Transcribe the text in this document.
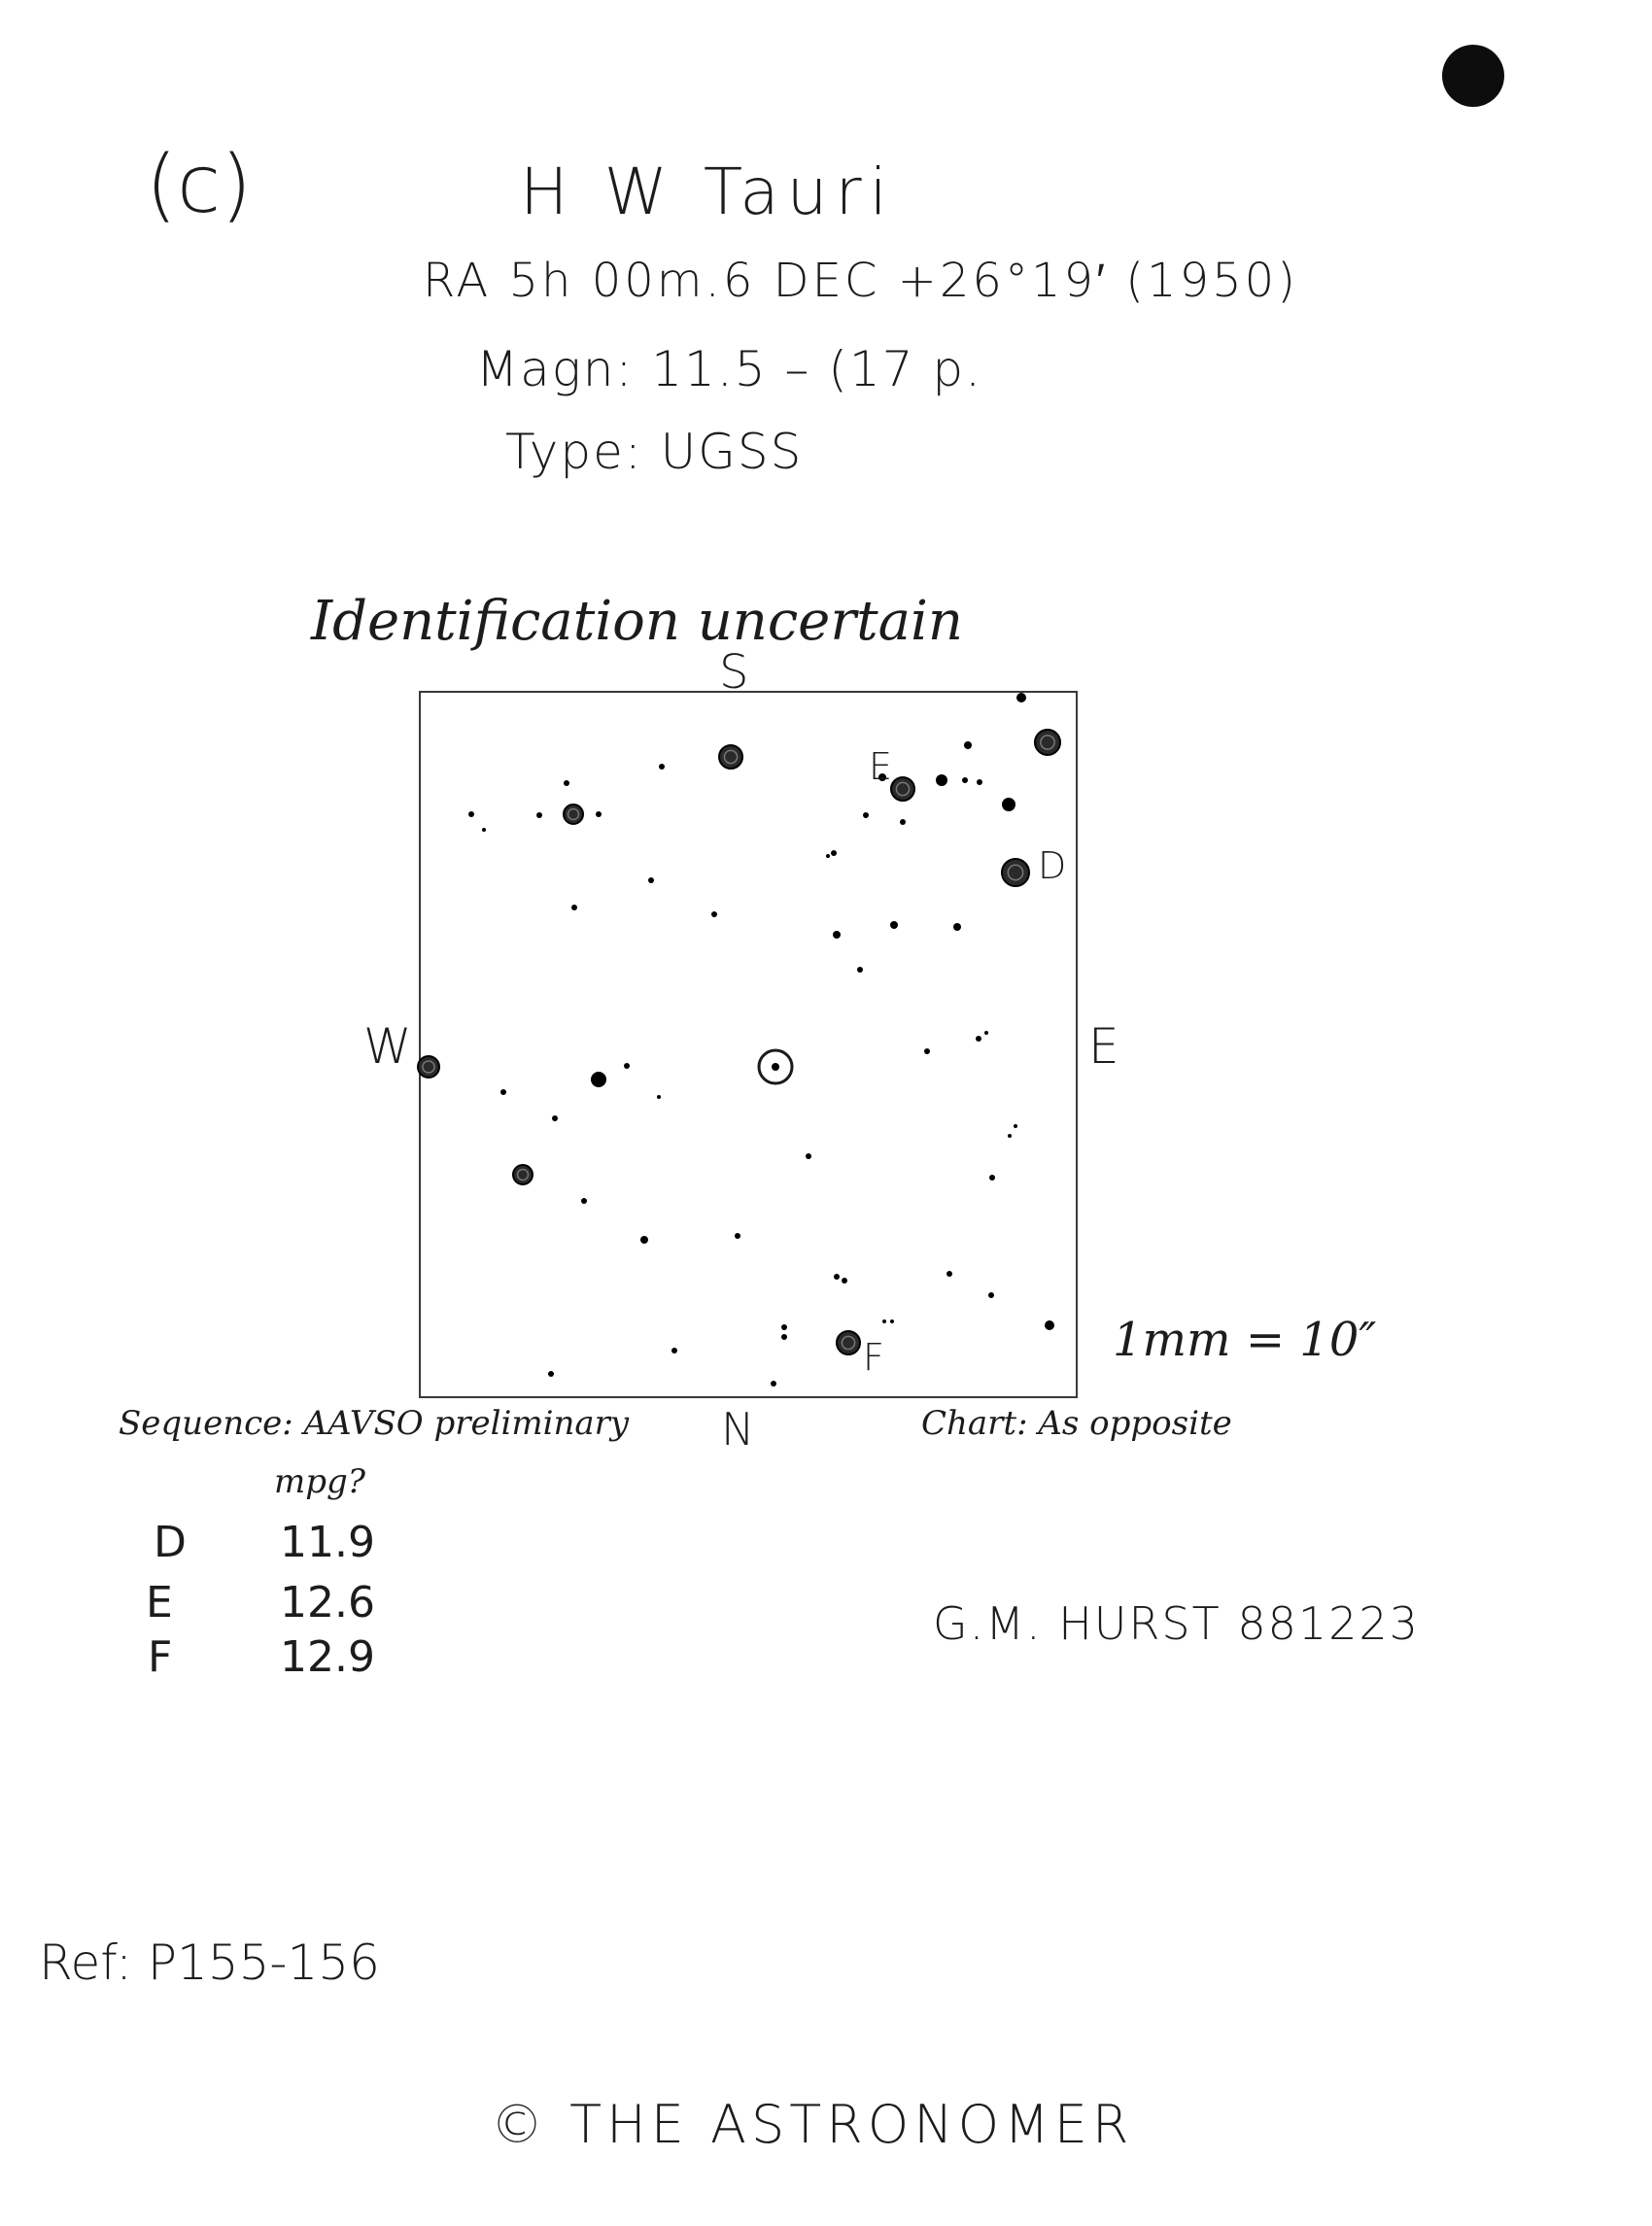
(c)	H W Tauri
RA 5h 00m.6 DEC +26°19′ (1950)
Magn: 11.5 – (17 p.
Type: UGSS
Identification uncertain
S
N
W	E
E
D
F	1mm = 10″
Sequence: AAVSO preliminary
mpg?
Chart: As opposite
D 11.9
E	12.6
F	12.9
G.M. HURST 881223
Ref: P155-156
© THE ASTRONOMER
